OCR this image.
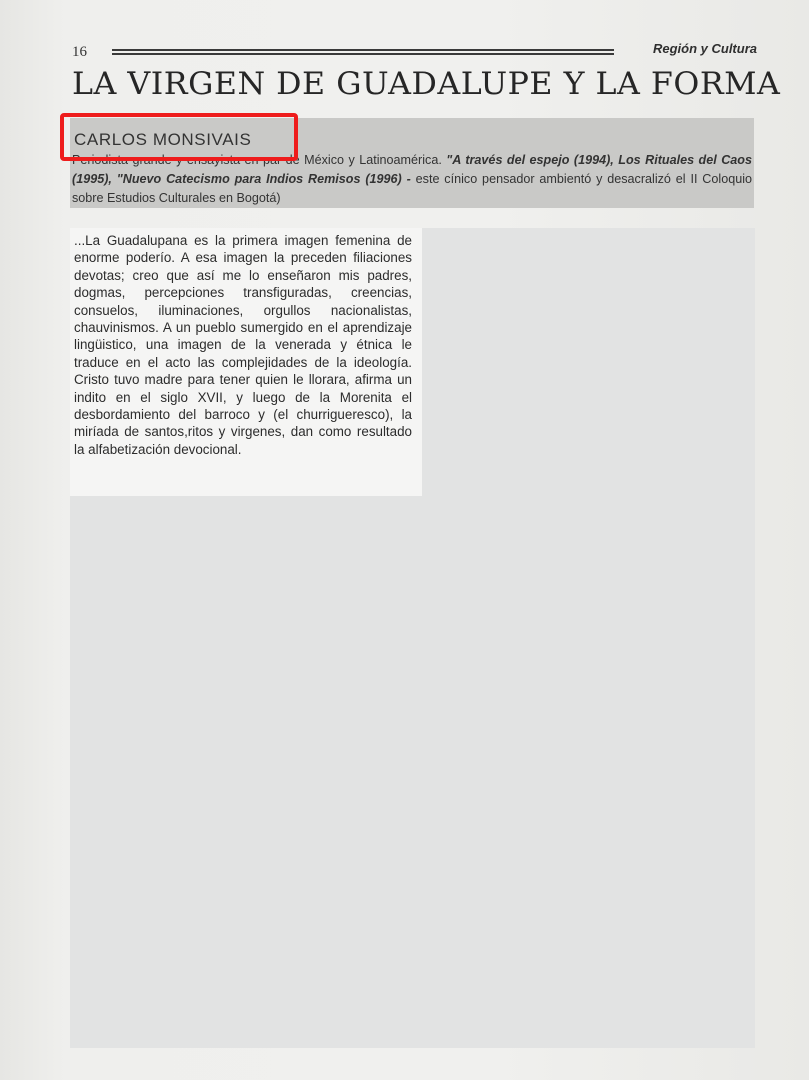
16	Región y Cultura
LA VIRGEN DE GUADALUPE Y LA FORMA
CARLOS MONSIVAIS
Periodista grande y ensayista en par de México y Latinoamérica. "A través del espejo (1994), Los Rituales del Caos (1995), "Nuevo Catecismo para Indios Remisos (1996) - este cínico pensador ambientó y desacralizó el II Coloquio sobre Estudios Culturales en Bogotá)
...La Guadalupana es la primera imagen femenina de enorme poderío. A esa imagen la preceden filiaciones devotas; creo que así me lo enseñaron mis padres, dogmas, percepciones transfiguradas, creencias, consuelos, iluminaciones, orgullos nacionalistas, chauvinismos. A un pueblo sumergido en el aprendizaje lingüistico, una imagen de la venerada y étnica le traduce en el acto las complejidades de la ideología. Cristo tuvo madre para tener quien le llorara, afirma un indito en el siglo XVII, y luego de la Morenita el desbordamiento del barroco y (el churrigueresco), la miríada de santos,ritos y virgenes, dan como resultado la alfabetización devocional.
